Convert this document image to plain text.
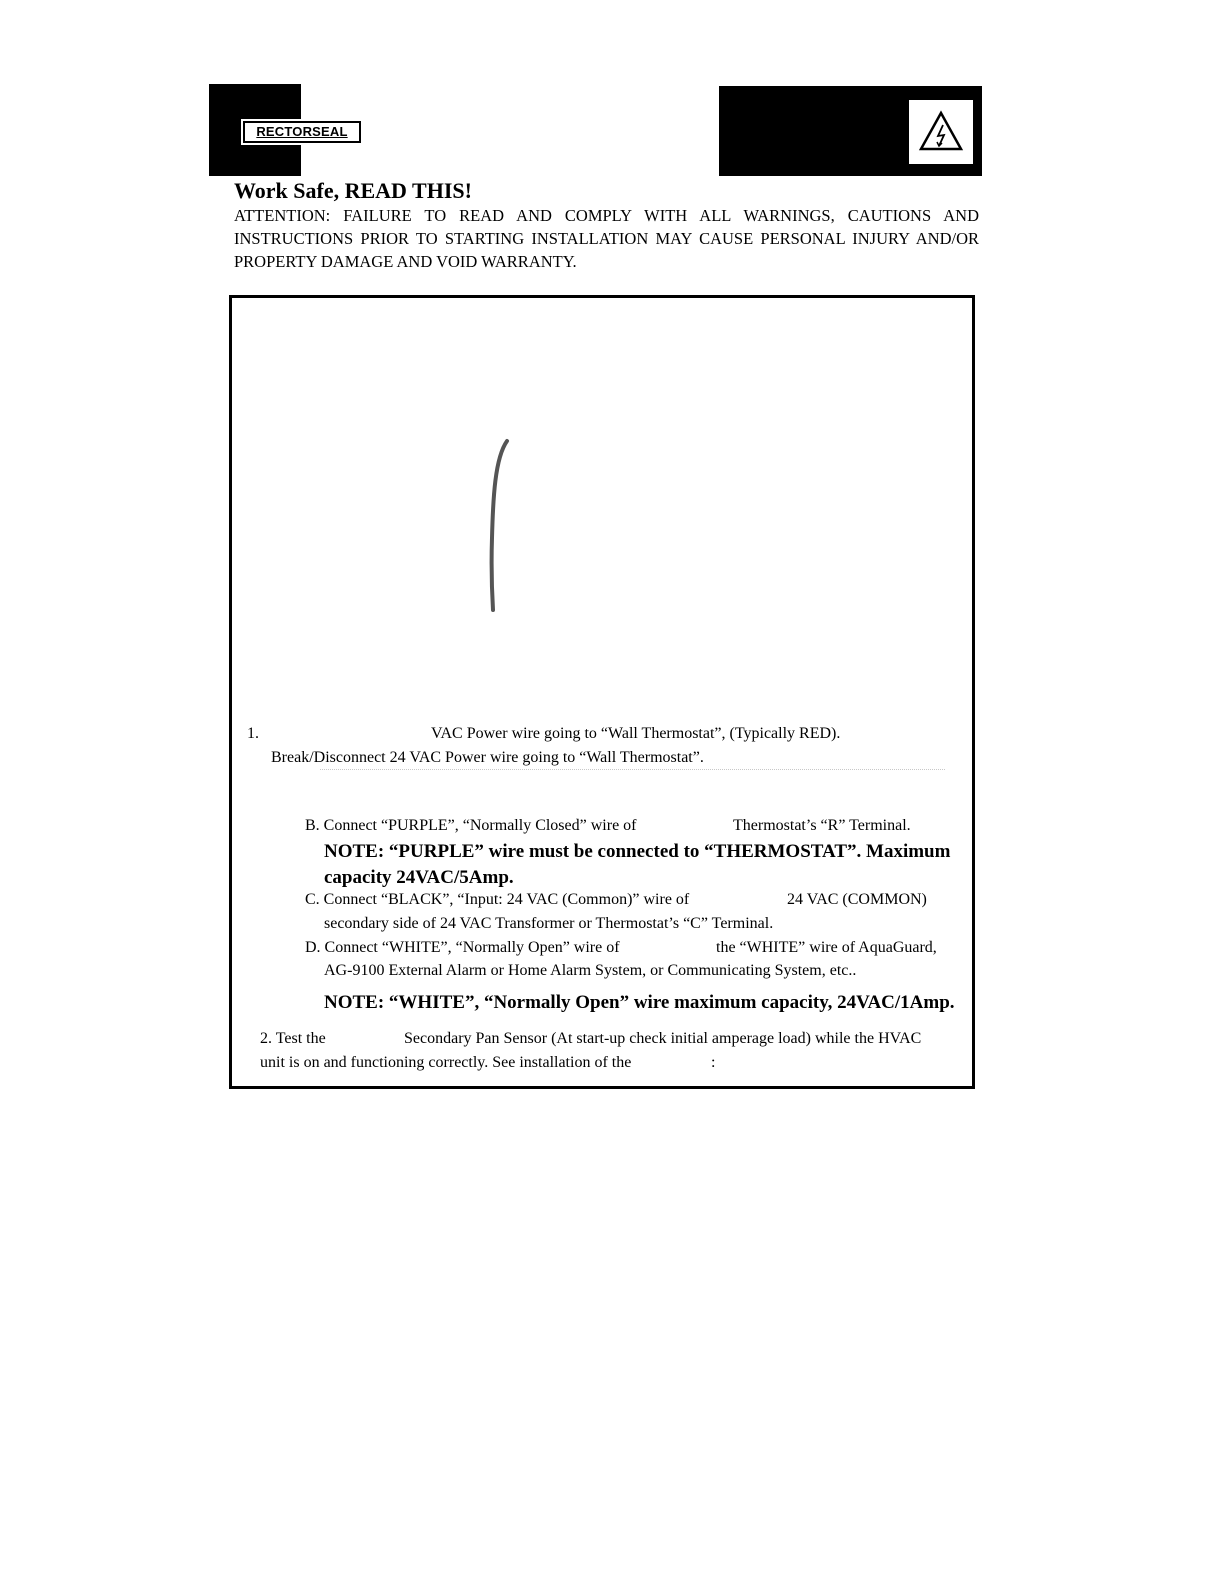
RECTORSEAL
Work Safe, READ THIS!
ATTENTION: FAILURE TO READ AND COMPLY WITH ALL WARNINGS, CAUTIONS AND INSTRUCTIONS PRIOR TO STARTING INSTALLATION MAY CAUSE PERSONAL INJURY AND/OR PROPERTY DAMAGE AND VOID WARRANTY.
1.	VAC Power wire going to “Wall Thermostat”, (Typically RED).
Break/Disconnect 24 VAC Power wire going to “Wall Thermostat”.
B. Connect “PURPLE”, “Normally Closed” wire of	Thermostat’s “R” Terminal.
NOTE: “PURPLE” wire must be connected to “THERMOSTAT”. Maximum
capacity 24VAC/5Amp.
C. Connect “BLACK”, “Input: 24 VAC (Common)” wire of	24 VAC (COMMON)
secondary side of 24 VAC Transformer or Thermostat’s “C” Terminal.
D. Connect “WHITE”, “Normally Open” wire of	the “WHITE” wire of AquaGuard,
AG-9100 External Alarm or Home Alarm System, or Communicating System, etc..
NOTE: “WHITE”, “Normally Open” wire maximum capacity, 24VAC/1Amp.
2. Test the	Secondary Pan Sensor (At start-up check initial amperage load) while the HVAC
unit is on and functioning correctly. See installation of the	:
